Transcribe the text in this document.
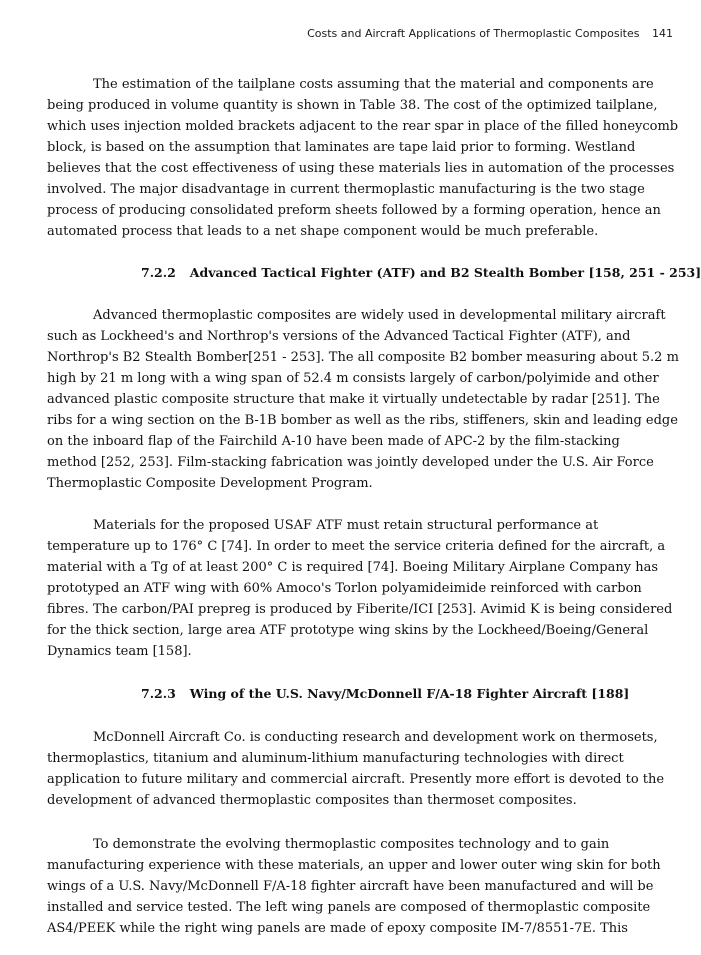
Costs and Aircraft Applications of Thermoplastic Composites 141

The estimation of the tailplane costs assuming that the material and components are
being produced in volume quantity is shown in Table 38. The cost of the optimized tailplane,
which uses injection molded brackets adjacent to the rear spar in place of the filled honeycomb
block, is based on the assumption that laminates are tape laid prior to forming. Westland
believes that the cost effectiveness of using these materials lies in automation of the processes
involved. The major disadvantage in current thermoplastic manufacturing is the two stage
process of producing consolidated preform sheets followed by a forming operation, hence an
automated process that leads to a net shape component would be much preferable.

7.2.2 Advanced Tactical Fighter (ATF) and B2 Stealth Bomber [158, 251 - 253]

Advanced thermoplastic composites are widely used in developmental military aircraft
such as Lockheed's and Northrop's versions of the Advanced Tactical Fighter (ATF), and
Northrop's B2 Stealth Bomber[251 - 253]. The all composite B2 bomber measuring about 5.2 m
high by 21 m long with a wing span of 52.4 m consists largely of carbon/polyimide and other
advanced plastic composite structure that make it virtually undetectable by radar [251]. The
ribs for a wing section on the B-1B bomber as well as the ribs, stiffeners, skin and leading edge
on the inboard flap of the Fairchild A-10 have been made of APC-2 by the film-stacking
method [252, 253]. Film-stacking fabrication was jointly developed under the U.S. Air Force
Thermoplastic Composite Development Program.

Materials for the proposed USAF ATF must retain structural performance at
temperature up to 176° C [74]. In order to meet the service criteria defined for the aircraft, a
material with a Tg of at least 200° C is required [74]. Boeing Military Airplane Company has
prototyped an ATF wing with 60% Amoco's Torlon polyamideimide reinforced with carbon
fibres. The carbon/PAI prepreg is produced by Fiberite/ICI [253]. Avimid K is being considered
for the thick section, large area ATF prototype wing skins by the Lockheed/Boeing/General
Dynamics team [158].

7.2.3 Wing of the U.S. Navy/McDonnell F/A-18 Fighter Aircraft [188]

McDonnell Aircraft Co. is conducting research and development work on thermosets,
thermoplastics, titanium and aluminum-lithium manufacturing technologies with direct
application to future military and commercial aircraft. Presently more effort is devoted to the
development of advanced thermoplastic composites than thermoset composites.

To demonstrate the evolving thermoplastic composites technology and to gain
manufacturing experience with these materials, an upper and lower outer wing skin for both
wings of a U.S. Navy/McDonnell F/A-18 fighter aircraft have been manufactured and will be
installed and service tested. The left wing panels are composed of thermoplastic composite
AS4/PEEK while the right wing panels are made of epoxy composite IM-7/8551-7E. This
